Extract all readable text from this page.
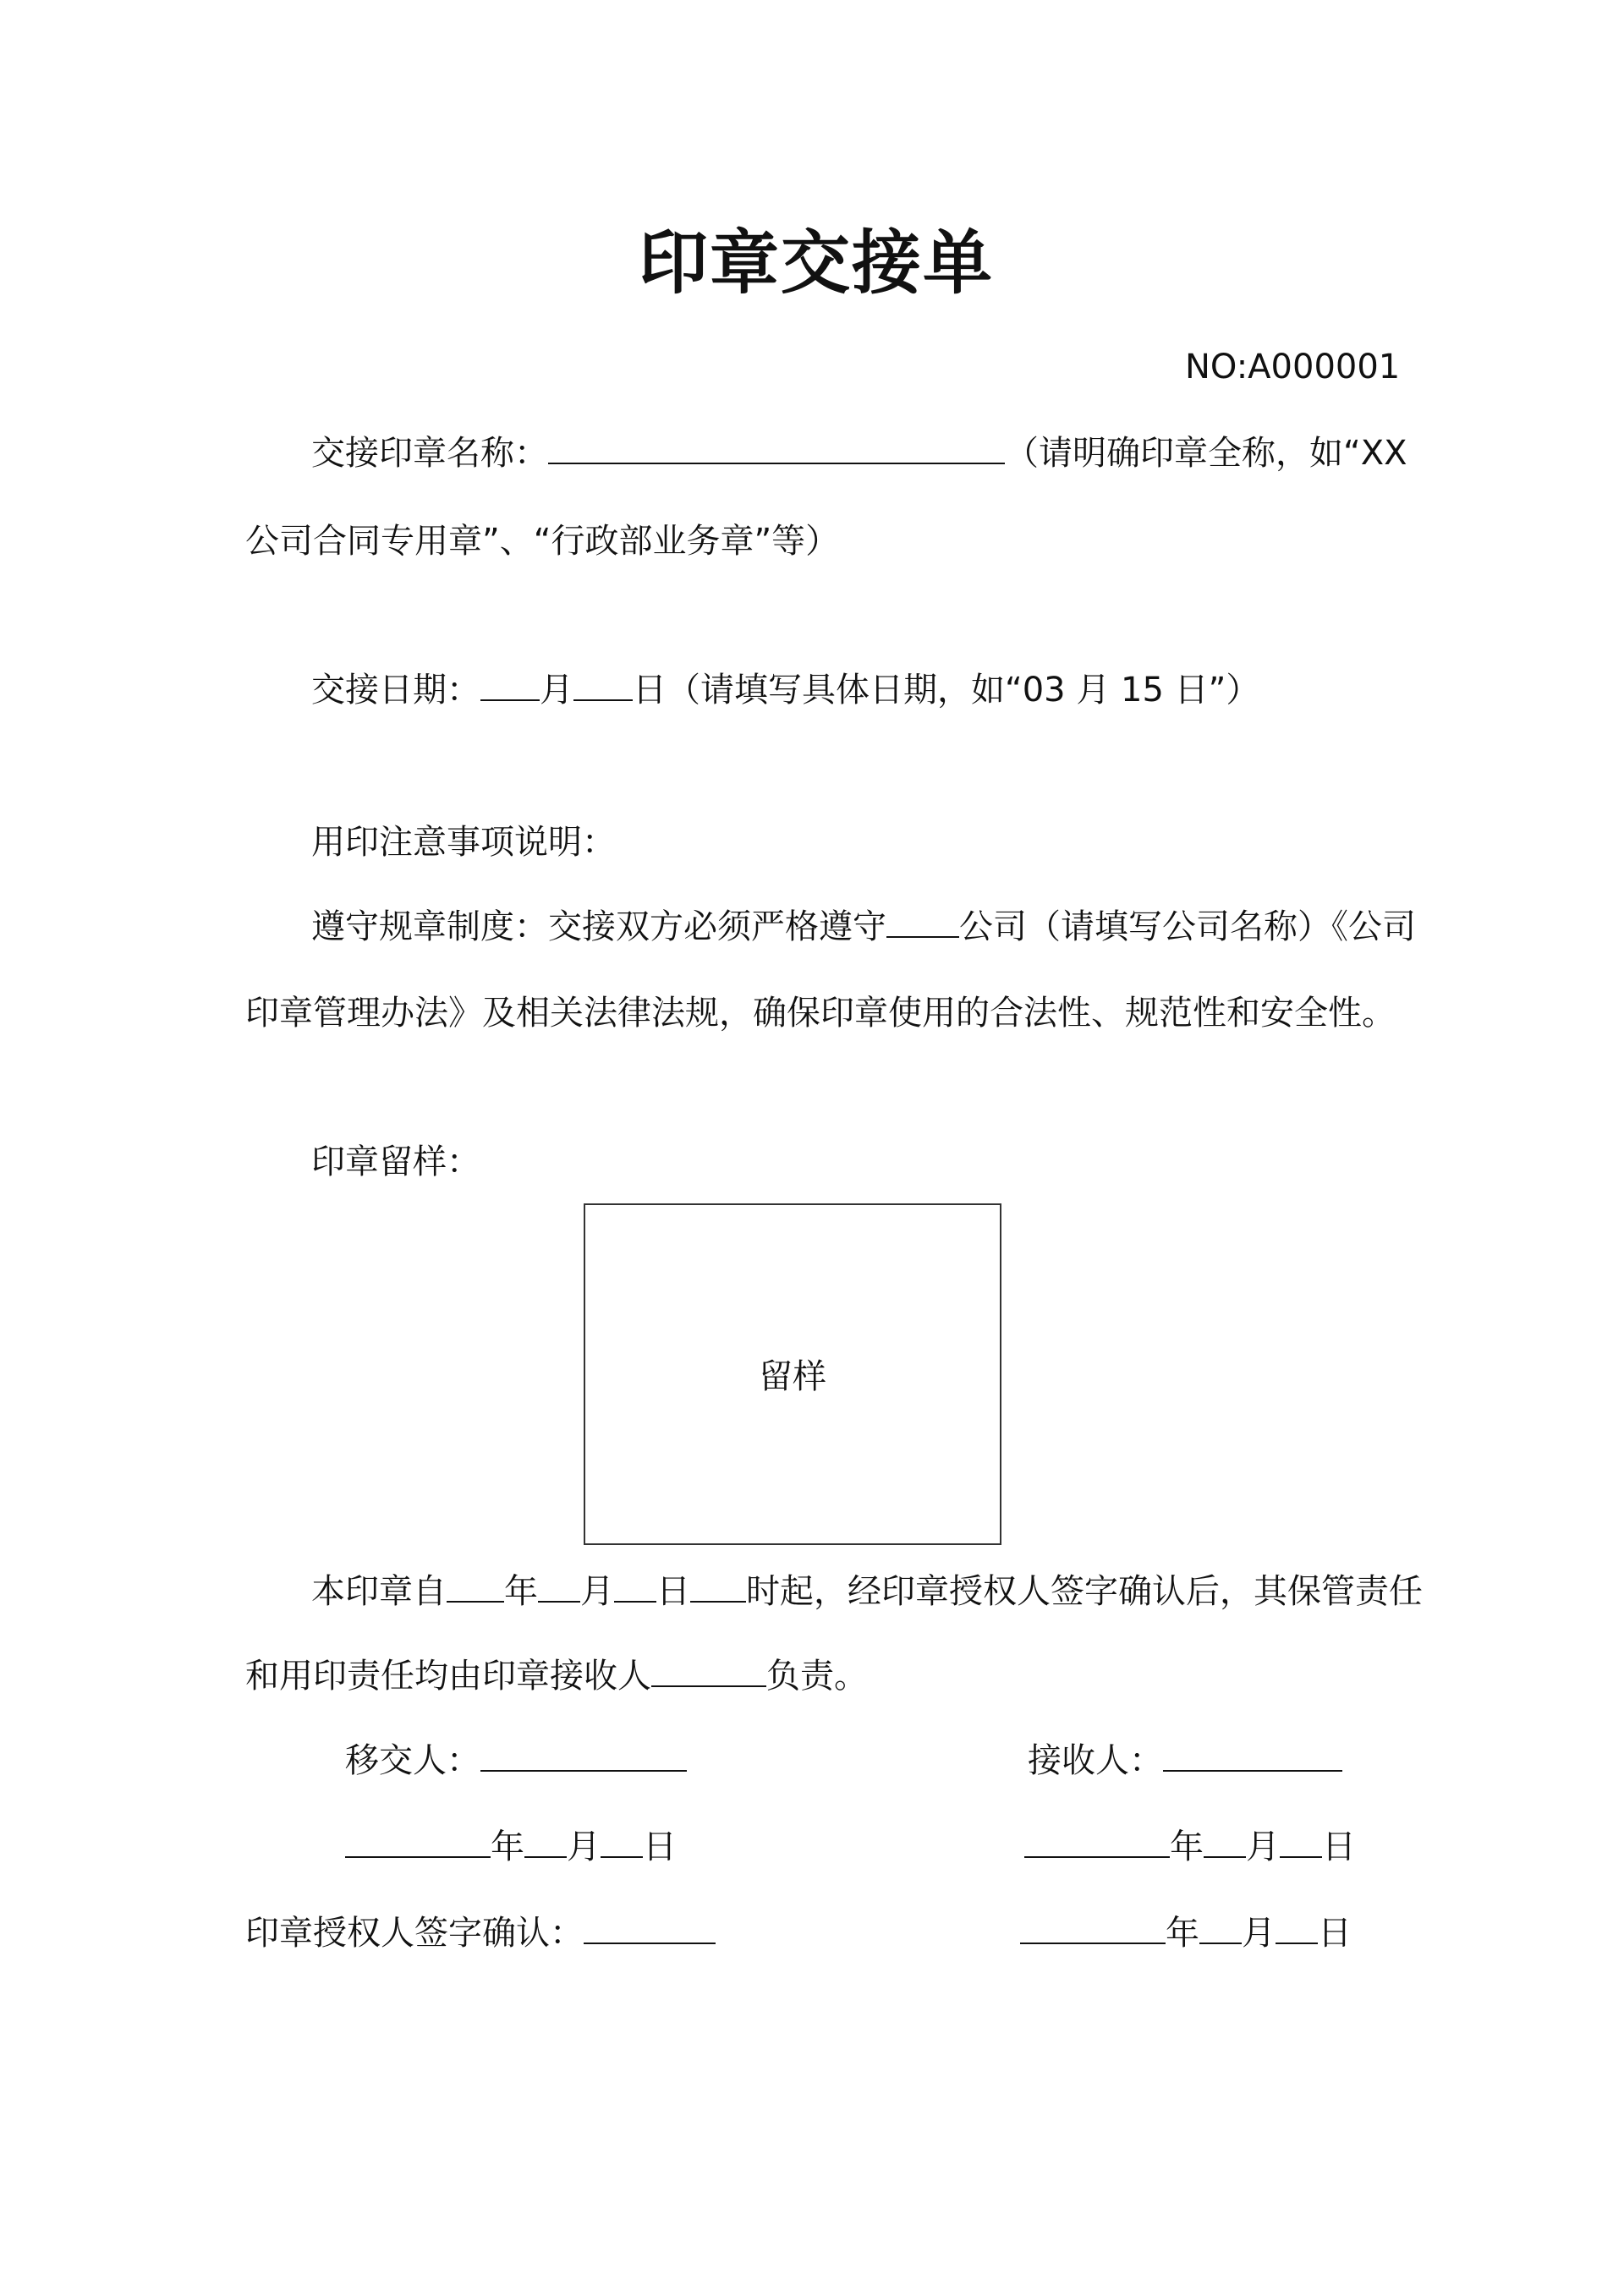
印章交接单
NO:A000001
交接印章名称：	（请明确印章全称，如“XX
公司合同专用章”、“行政部业务章”等）
交接日期： 月 日（请填写具体日期，如“03 月 15 日”）
用印注意事项说明：
遵守规章制度：交接双方必须严格遵守 公司（请填写公司名称）《公司
印章管理办法》及相关法律法规，确保印章使用的合法性、规范性和安全性。
印章留样：
留样
本印章自 年 月 日 时起，经印章授权人签字确认后，其保管责任
和用印责任均由印章接收人	负责。
移交人：	接收人：
年 月 日	年 月 日
印章授权人签字确认：	年 月 日
